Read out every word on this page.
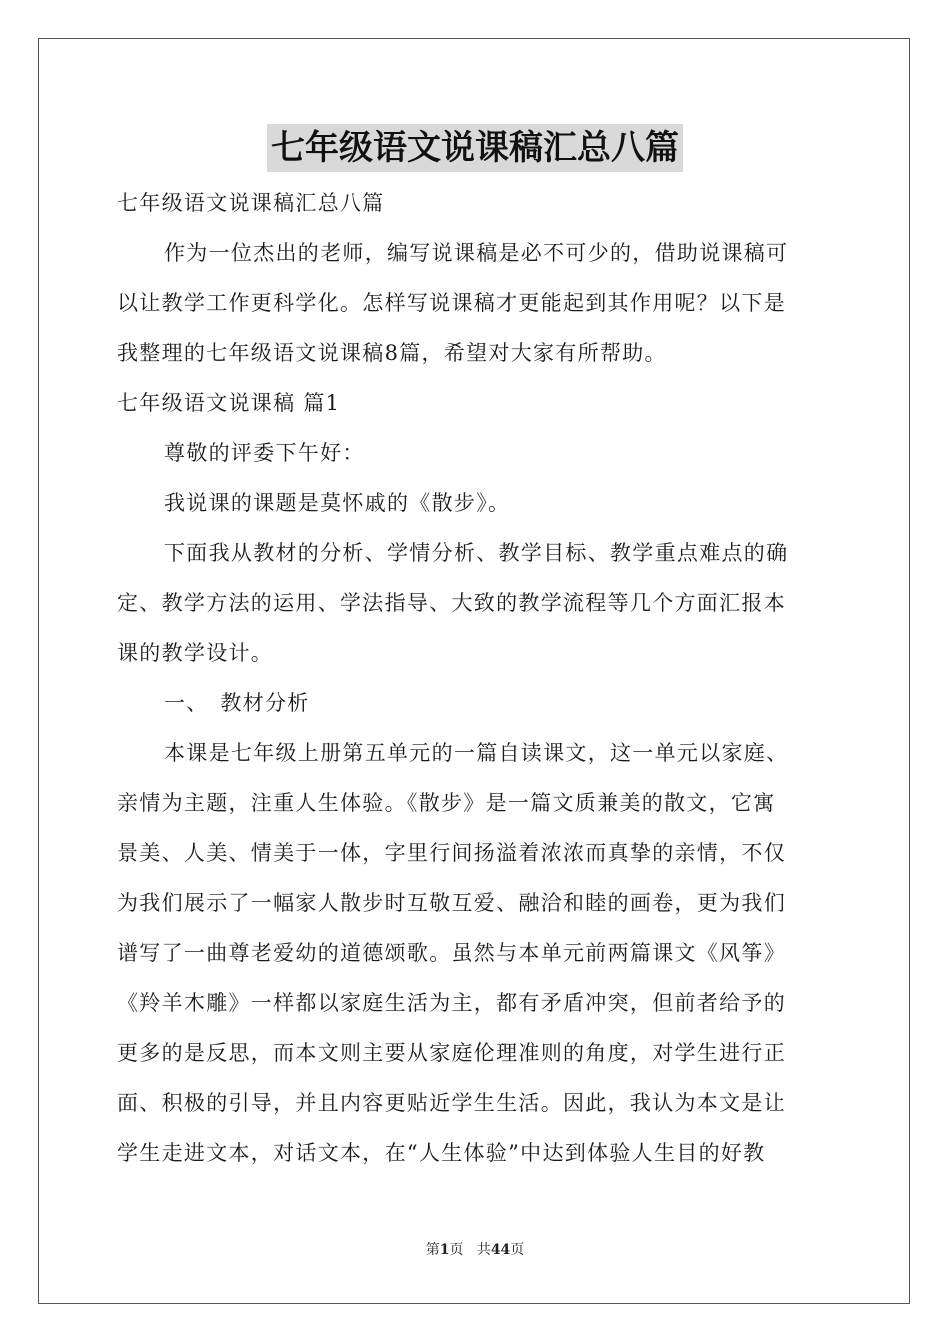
七年级语文说课稿汇总八篇

七年级语文说课稿汇总八篇

作为一位杰出的老师，编写说课稿是必不可少的，借助说课稿可

以让教学工作更科学化。怎样写说课稿才更能起到其作用呢？以下是

我整理的七年级语文说课稿8篇，希望对大家有所帮助。

七年级语文说课稿 篇1

尊敬的评委下午好：

我说课的课题是莫怀戚的《散步》。

下面我从教材的分析、学情分析、教学目标、教学重点难点的确

定、教学方法的运用、学法指导、大致的教学流程等几个方面汇报本

课的教学设计。

一、　教材分析

本课是七年级上册第五单元的一篇自读课文，这一单元以家庭、

亲情为主题，注重人生体验。《散步》是一篇文质兼美的散文，它寓

景美、人美、情美于一体，字里行间扬溢着浓浓而真挚的亲情，不仅

为我们展示了一幅家人散步时互敬互爱、融洽和睦的画卷，更为我们

谱写了一曲尊老爱幼的道德颂歌。虽然与本单元前两篇课文《风筝》

《羚羊木雕》一样都以家庭生活为主，都有矛盾冲突，但前者给予的

更多的是反思，而本文则主要从家庭伦理准则的角度，对学生进行正

面、积极的引导，并且内容更贴近学生生活。因此，我认为本文是让

学生走进文本，对话文本，在“人生体验”中达到体验人生目的好教

第1页 共44页
